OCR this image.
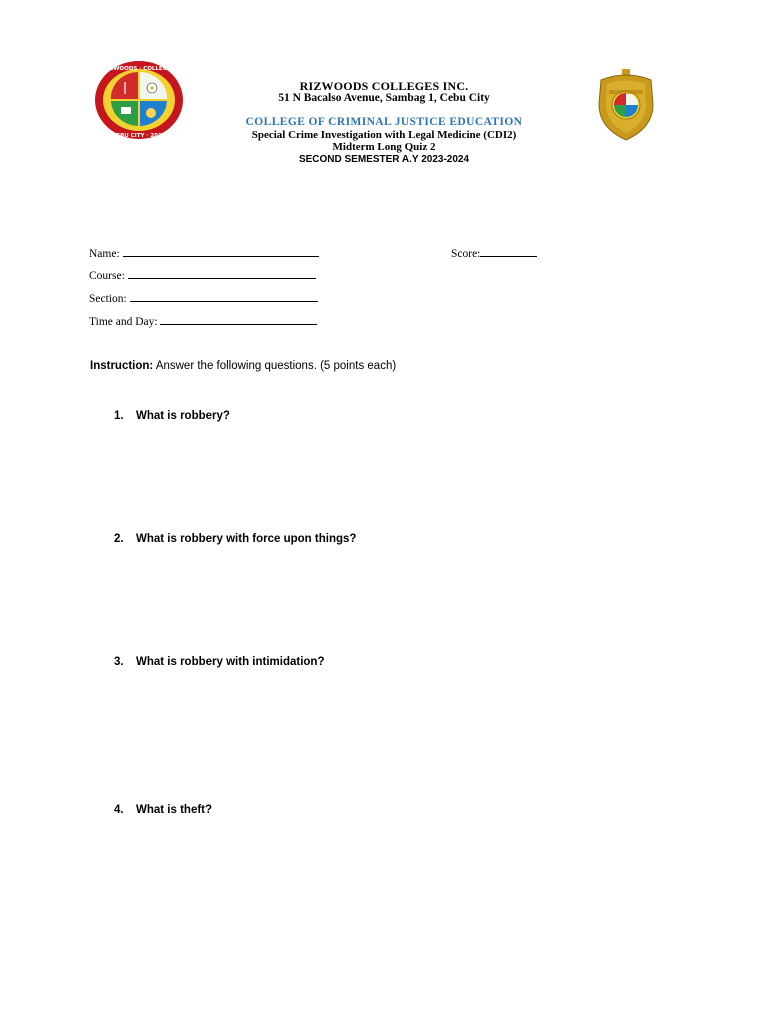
RIZWOODS · COLLEGES
CEBU CITY · 2010
RIZWOODS COLLEGES INC.
51 N Bacalso Avenue, Sambag 1, Cebu City
COLLEGE OF CRIMINAL JUSTICE EDUCATION
Special Crime Investigation with Legal Medicine (CDI2)
Midterm Long Quiz 2
SECOND SEMESTER A.Y 2023-2024
Name:	Score:
Course:
Section:
Time and Day:
Instruction: Answer the following questions. (5 points each)
1. What is robbery?
2. What is robbery with force upon things?
3. What is robbery with intimidation?
4. What is theft?
